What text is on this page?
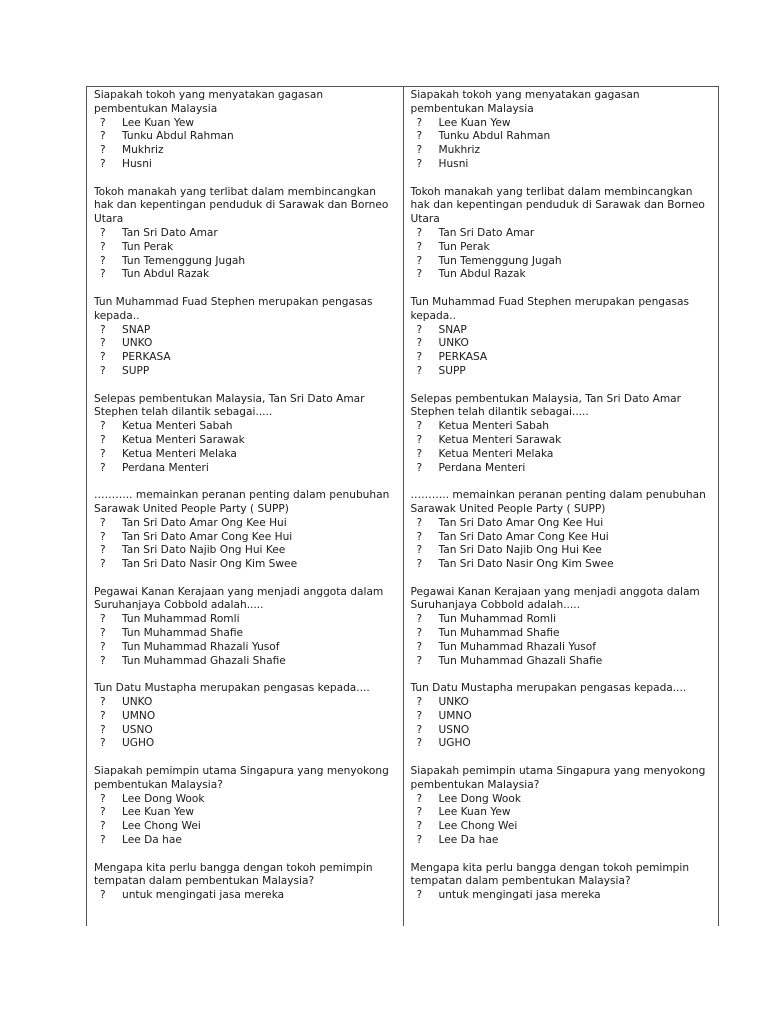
Siapakah tokoh yang menyatakan gagasan pembentukan Malaysia

?	Lee Kuan Yew
?	Tunku Abdul Rahman
?	Mukhriz
?	Husni

Tokoh manakah yang terlibat dalam membincangkan hak dan kepentingan penduduk di Sarawak dan Borneo Utara

?	Tan Sri Dato Amar
?	Tun Perak
?	Tun Temenggung Jugah
?	Tun Abdul Razak

Tun Muhammad Fuad Stephen merupakan pengasas kepada..

?	SNAP
?	UNKO
?	PERKASA
?	SUPP

Selepas pembentukan Malaysia, Tan Sri Dato Amar Stephen telah dilantik sebagai.....

?	Ketua Menteri Sabah
?	Ketua Menteri Sarawak
?	Ketua Menteri Melaka
?	Perdana Menteri

……….. memainkan peranan penting dalam penubuhan Sarawak United People Party ( SUPP)

?	Tan Sri Dato Amar Ong Kee Hui
?	Tan Sri Dato Amar Cong Kee Hui
?	Tan Sri Dato Najib Ong Hui Kee
?	Tan Sri Dato Nasir Ong Kim Swee

Pegawai Kanan Kerajaan yang menjadi anggota dalam Suruhanjaya Cobbold adalah.....

?	Tun Muhammad Romli
?	Tun Muhammad Shafie
?	Tun Muhammad Rhazali Yusof
?	Tun Muhammad Ghazali Shafie

Tun Datu Mustapha merupakan pengasas kepada....

?	UNKO
?	UMNO
?	USNO
?	UGHO

Siapakah pemimpin utama Singapura yang menyokong pembentukan Malaysia?

?	Lee Dong Wook
?	Lee Kuan Yew
?	Lee Chong Wei
?	Lee Da hae

Mengapa kita perlu bangga dengan tokoh pemimpin tempatan dalam pembentukan Malaysia?

?	untuk mengingati jasa mereka

Siapakah tokoh yang menyatakan gagasan pembentukan Malaysia

?	Lee Kuan Yew
?	Tunku Abdul Rahman
?	Mukhriz
?	Husni

Tokoh manakah yang terlibat dalam membincangkan hak dan kepentingan penduduk di Sarawak dan Borneo Utara

?	Tan Sri Dato Amar
?	Tun Perak
?	Tun Temenggung Jugah
?	Tun Abdul Razak

Tun Muhammad Fuad Stephen merupakan pengasas kepada..

?	SNAP
?	UNKO
?	PERKASA
?	SUPP

Selepas pembentukan Malaysia, Tan Sri Dato Amar Stephen telah dilantik sebagai.....

?	Ketua Menteri Sabah
?	Ketua Menteri Sarawak
?	Ketua Menteri Melaka
?	Perdana Menteri

……….. memainkan peranan penting dalam penubuhan Sarawak United People Party ( SUPP)

?	Tan Sri Dato Amar Ong Kee Hui
?	Tan Sri Dato Amar Cong Kee Hui
?	Tan Sri Dato Najib Ong Hui Kee
?	Tan Sri Dato Nasir Ong Kim Swee

Pegawai Kanan Kerajaan yang menjadi anggota dalam Suruhanjaya Cobbold adalah.....

?	Tun Muhammad Romli
?	Tun Muhammad Shafie
?	Tun Muhammad Rhazali Yusof
?	Tun Muhammad Ghazali Shafie

Tun Datu Mustapha merupakan pengasas kepada....

?	UNKO
?	UMNO
?	USNO
?	UGHO

Siapakah pemimpin utama Singapura yang menyokong pembentukan Malaysia?

?	Lee Dong Wook
?	Lee Kuan Yew
?	Lee Chong Wei
?	Lee Da hae

Mengapa kita perlu bangga dengan tokoh pemimpin tempatan dalam pembentukan Malaysia?

?	untuk mengingati jasa mereka
